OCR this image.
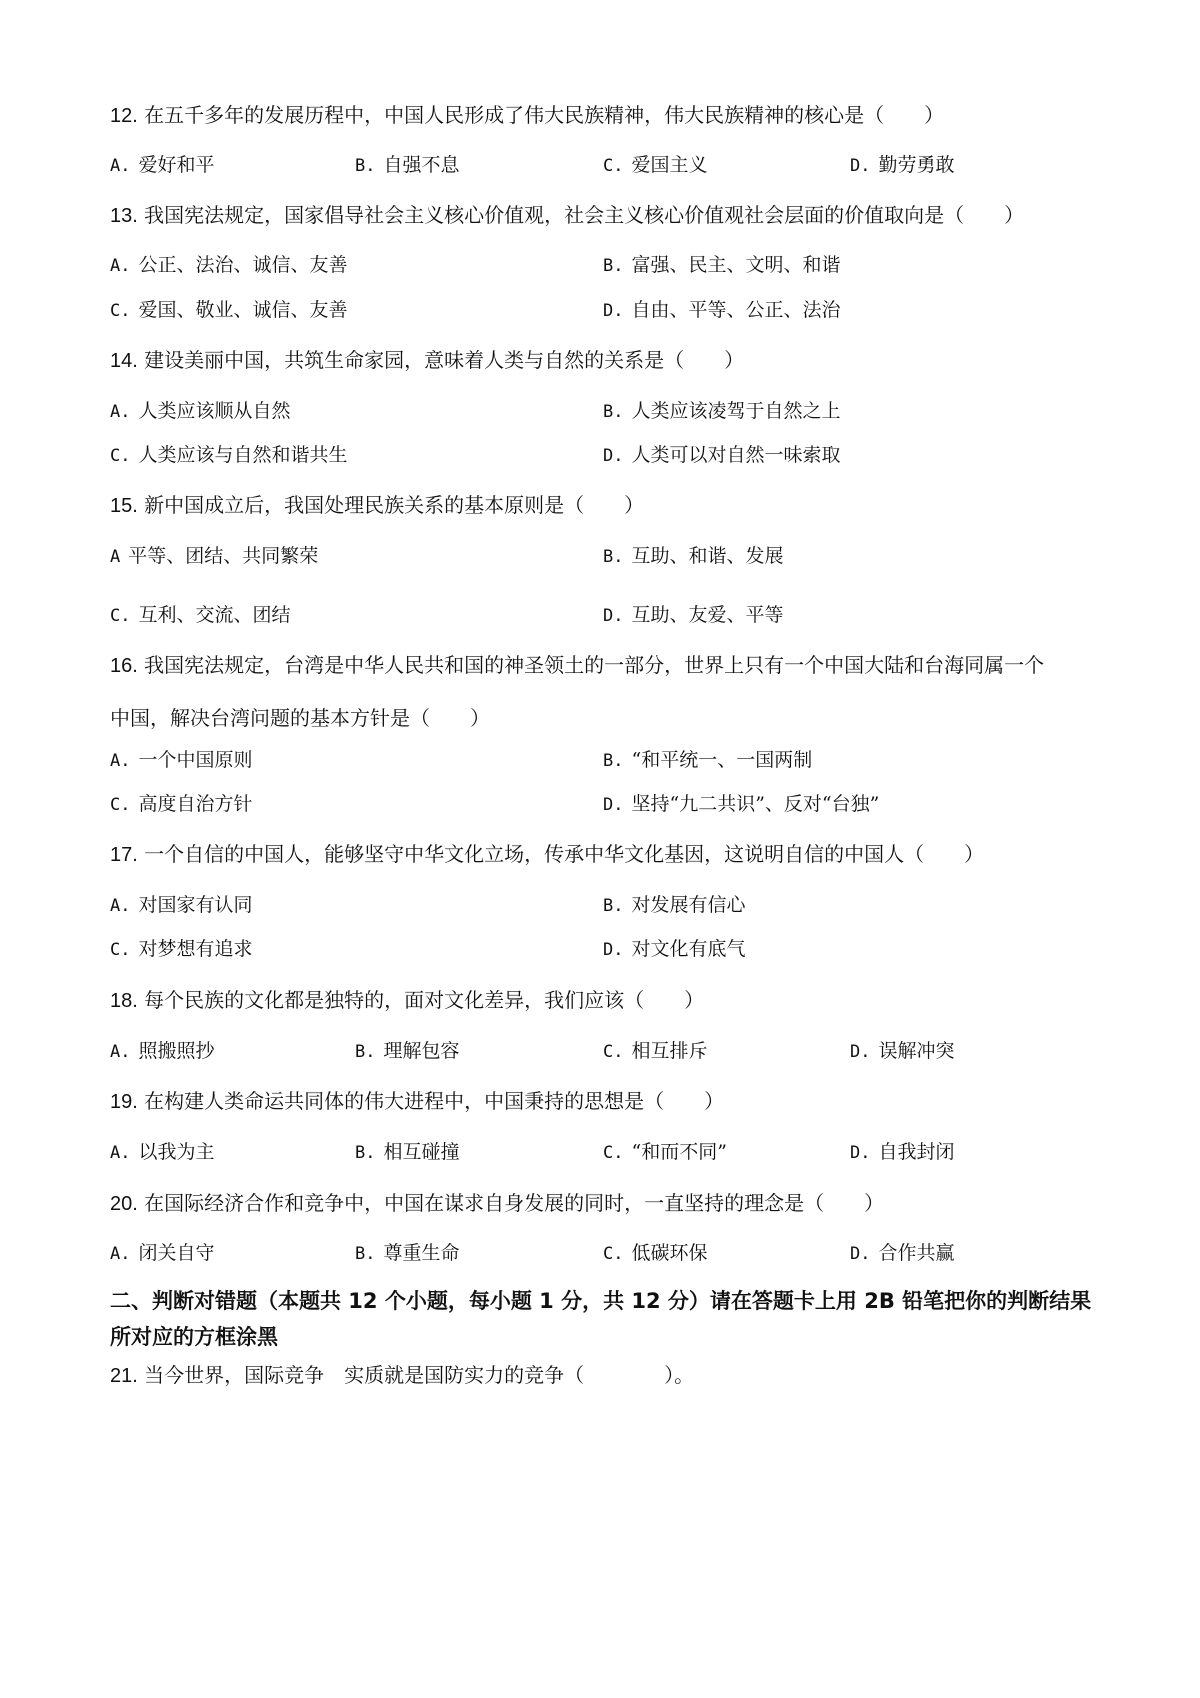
12. 在五千多年的发展历程中，中国人民形成了伟大民族精神，伟大民族精神的核心是（　　）
A. 爱好和平	B. 自强不息	C. 爱国主义	D. 勤劳勇敢
13. 我国宪法规定，国家倡导社会主义核心价值观，社会主义核心价值观社会层面的价值取向是（　　）
A. 公正、法治、诚信、友善	B. 富强、民主、文明、和谐
C. 爱国、敬业、诚信、友善	D. 自由、平等、公正、法治
14. 建设美丽中国，共筑生命家园，意味着人类与自然的关系是（　　）
A. 人类应该顺从自然	B. 人类应该凌驾于自然之上
C. 人类应该与自然和谐共生	D. 人类可以对自然一味索取
15. 新中国成立后，我国处理民族关系的基本原则是（　　）
A 平等、团结、共同繁荣	B. 互助、和谐、发展
C. 互利、交流、团结	D. 互助、友爱、平等
16. 我国宪法规定，台湾是中华人民共和国的神圣领土的一部分，世界上只有一个中国大陆和台海同属一个
中国，解决台湾问题的基本方针是（　　）
A. 一个中国原则	B. “和平统一、一国两制
C. 高度自治方针	D. 坚持“九二共识”、反对“台独”
17. 一个自信的中国人，能够坚守中华文化立场，传承中华文化基因，这说明自信的中国人（　　）
A. 对国家有认同	B. 对发展有信心
C. 对梦想有追求	D. 对文化有底气
18. 每个民族的文化都是独特的，面对文化差异，我们应该（　　）
A. 照搬照抄	B. 理解包容	C. 相互排斥	D. 误解冲突
19. 在构建人类命运共同体的伟大进程中，中国秉持的思想是（　　）
A. 以我为主	B. 相互碰撞	C. “和而不同”	D. 自我封闭
20. 在国际经济合作和竞争中，中国在谋求自身发展的同时，一直坚持的理念是（　　）
A. 闭关自守	B. 尊重生命	C. 低碳环保	D. 合作共赢
二、判断对错题（本题共 12 个小题，每小题 1 分，共 12 分）请在答题卡上用 2B 铅笔把你的判断结果所对应的方框涂黑
21. 当今世界，国际竞争　实质就是国防实力的竞争（　　　　）。
